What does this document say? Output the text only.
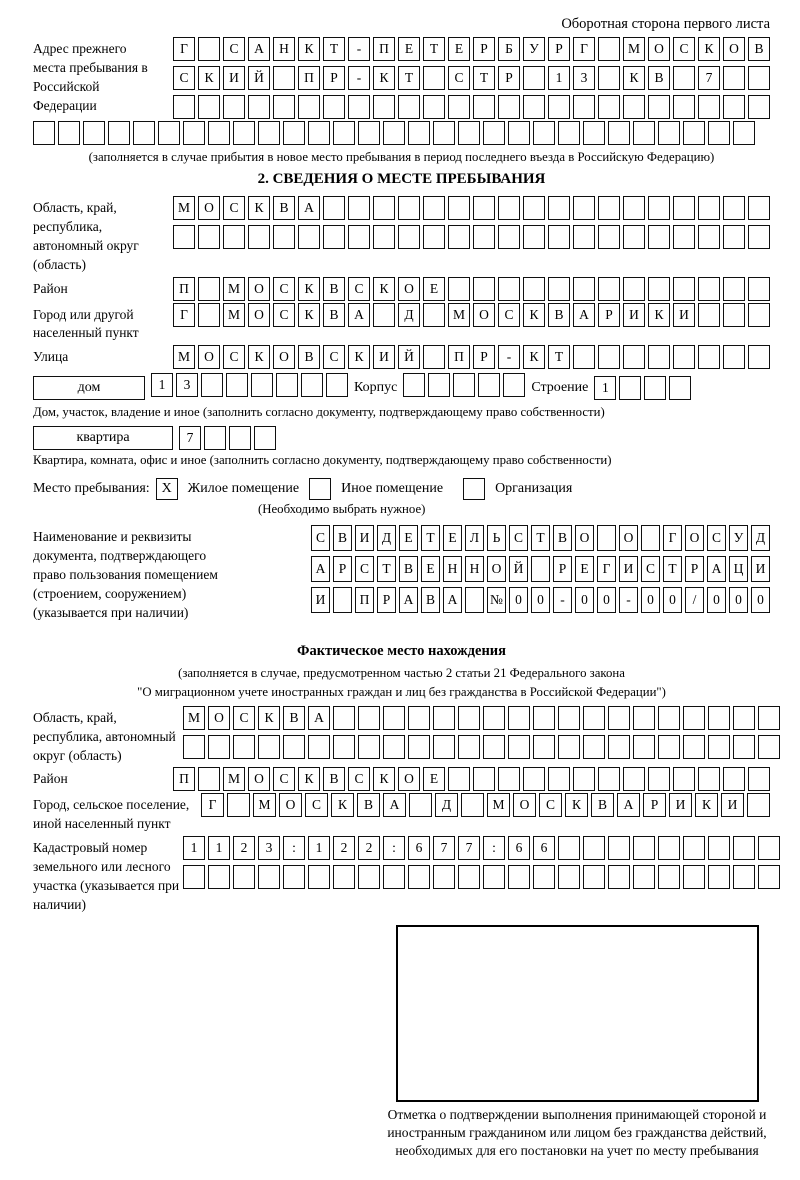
Оборотная сторона первого листа
Адрес прежнего места пребывания в Российской Федерации
Г	С	А	Н	К	Т	-	П	Е	Т	Е	Р	Б	У	Р	Г	М	О	С	К	О	В
С	К	И	Й	П	Р	-	К	Т	С	Т	Р	1	3	К	В	7
(заполняется в случае прибытия в новое место пребывания в период последнего въезда в Российскую Федерацию)
2. СВЕДЕНИЯ О МЕСТЕ ПРЕБЫВАНИЯ
Область, край, республика, автономный округ (область)
М	О	С	К	В	А
Район	П	М	О	С	К	В	С	К	О	Е
Город или другой населенный пункт
Г	М	О	С	К	В	А	Д	М	О	С	К	В	А	Р	И	К	И
Улица	М	О	С	К	О	В	С	К	И	Й	П	Р	-	К	Т
дом	1	3	Корпус	Строение	1
Дом, участок, владение и иное (заполнить согласно документу, подтверждающему право собственности)
квартира	7
Квартира, комната, офис и иное (заполнить согласно документу, подтверждающему право собственности)
Место пребывания: X	Жилое помещение	Иное помещение	Организация
(Необходимо выбрать нужное)
Наименование и реквизиты документа, подтверждающего право пользования помещением (строением, сооружением) (указывается при наличии)
С В И Д Е	Т	Е Л	Ь	С Т В О	О	Г О С У Д
А Р	С Т В Е Н Н О Й	Р	Е	Г И С Т	Р А Ц И
И	П Р А В А	№ 0	0	-	0	0	-	0	0	/	0	0	0
Фактическое место нахождения
(заполняется в случае, предусмотренном частью 2 статьи 21 Федерального закона
"О миграционном учете иностранных граждан и лиц без гражданства в Российской Федерации")
Область, край, республика, автономный округ (область)
М	О	С	К	В	А
Район	П	М	О	С	К	В	С	К	О	Е
Город, сельское поселение, иной населенный пункт
Г	М	О	С	К	В	А	Д	М	О	С	К	В	А	Р	И	К	И
Кадастровый номер земельного или лесного участка (указывается при наличии)
1	1	2	3	:	1	2	2	:	6	7	7	:	6	6
Отметка о подтверждении выполнения принимающей стороной и иностранным гражданином или лицом без гражданства действий, необходимых для его постановки на учет по месту пребывания
